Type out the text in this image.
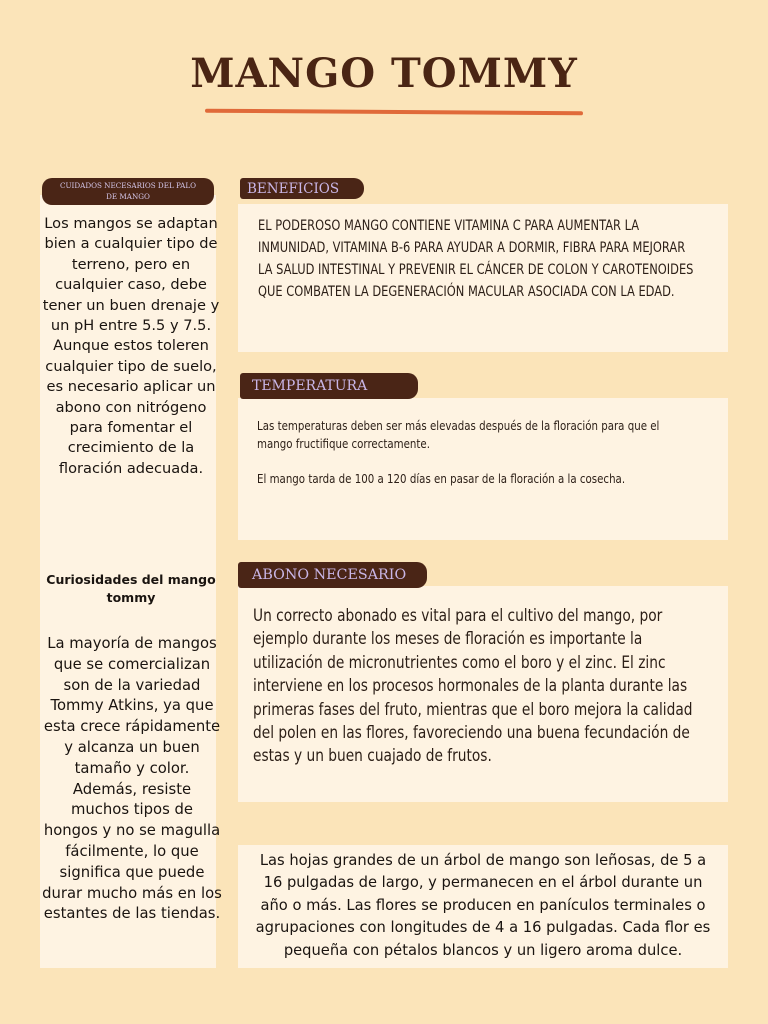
MANGO TOMMY
CUIDADOS NECESARIOS DEL PALO
DE MANGO
Los mangos se adaptan bien a cualquier tipo de terreno, pero en cualquier caso, debe tener un buen drenaje y un pH entre 5.5 y 7.5. Aunque estos toleren cualquier tipo de suelo, es necesario aplicar un abono con nitrógeno para fomentar el crecimiento de la floración adecuada.
Curiosidades del mango tommy
La mayoría de mangos que se comercializan son de la variedad Tommy Atkins, ya que esta crece rápidamente y alcanza un buen tamaño y color. Además, resiste muchos tipos de hongos y no se magulla fácilmente, lo que significa que puede durar mucho más en los estantes de las tiendas.
BENEFICIOS
EL PODEROSO MANGO CONTIENE VITAMINA C PARA AUMENTAR LA
INMUNIDAD, VITAMINA B-6 PARA AYUDAR A DORMIR, FIBRA PARA MEJORAR
LA SALUD INTESTINAL Y PREVENIR EL CÁNCER DE COLON Y CAROTENOIDES
QUE COMBATEN LA DEGENERACIÓN MACULAR ASOCIADA CON LA EDAD.
TEMPERATURA
Las temperaturas deben ser más elevadas después de la floración para que el
mango fructifique correctamente.
El mango tarda de 100 a 120 días en pasar de la floración a la cosecha.
ABONO NECESARIO
Un correcto abonado es vital para el cultivo del mango, por
ejemplo durante los meses de floración es importante la
utilización de micronutrientes como el boro y el zinc. El zinc
interviene en los procesos hormonales de la planta durante las
primeras fases del fruto, mientras que el boro mejora la calidad
del polen en las flores, favoreciendo una buena fecundación de
estas y un buen cuajado de frutos.
Las hojas grandes de un árbol de mango son leñosas, de 5 a
16 pulgadas de largo, y permanecen en el árbol durante un
año o más. Las flores se producen en panículos terminales o
agrupaciones con longitudes de 4 a 16 pulgadas. Cada flor es
pequeña con pétalos blancos y un ligero aroma dulce.
